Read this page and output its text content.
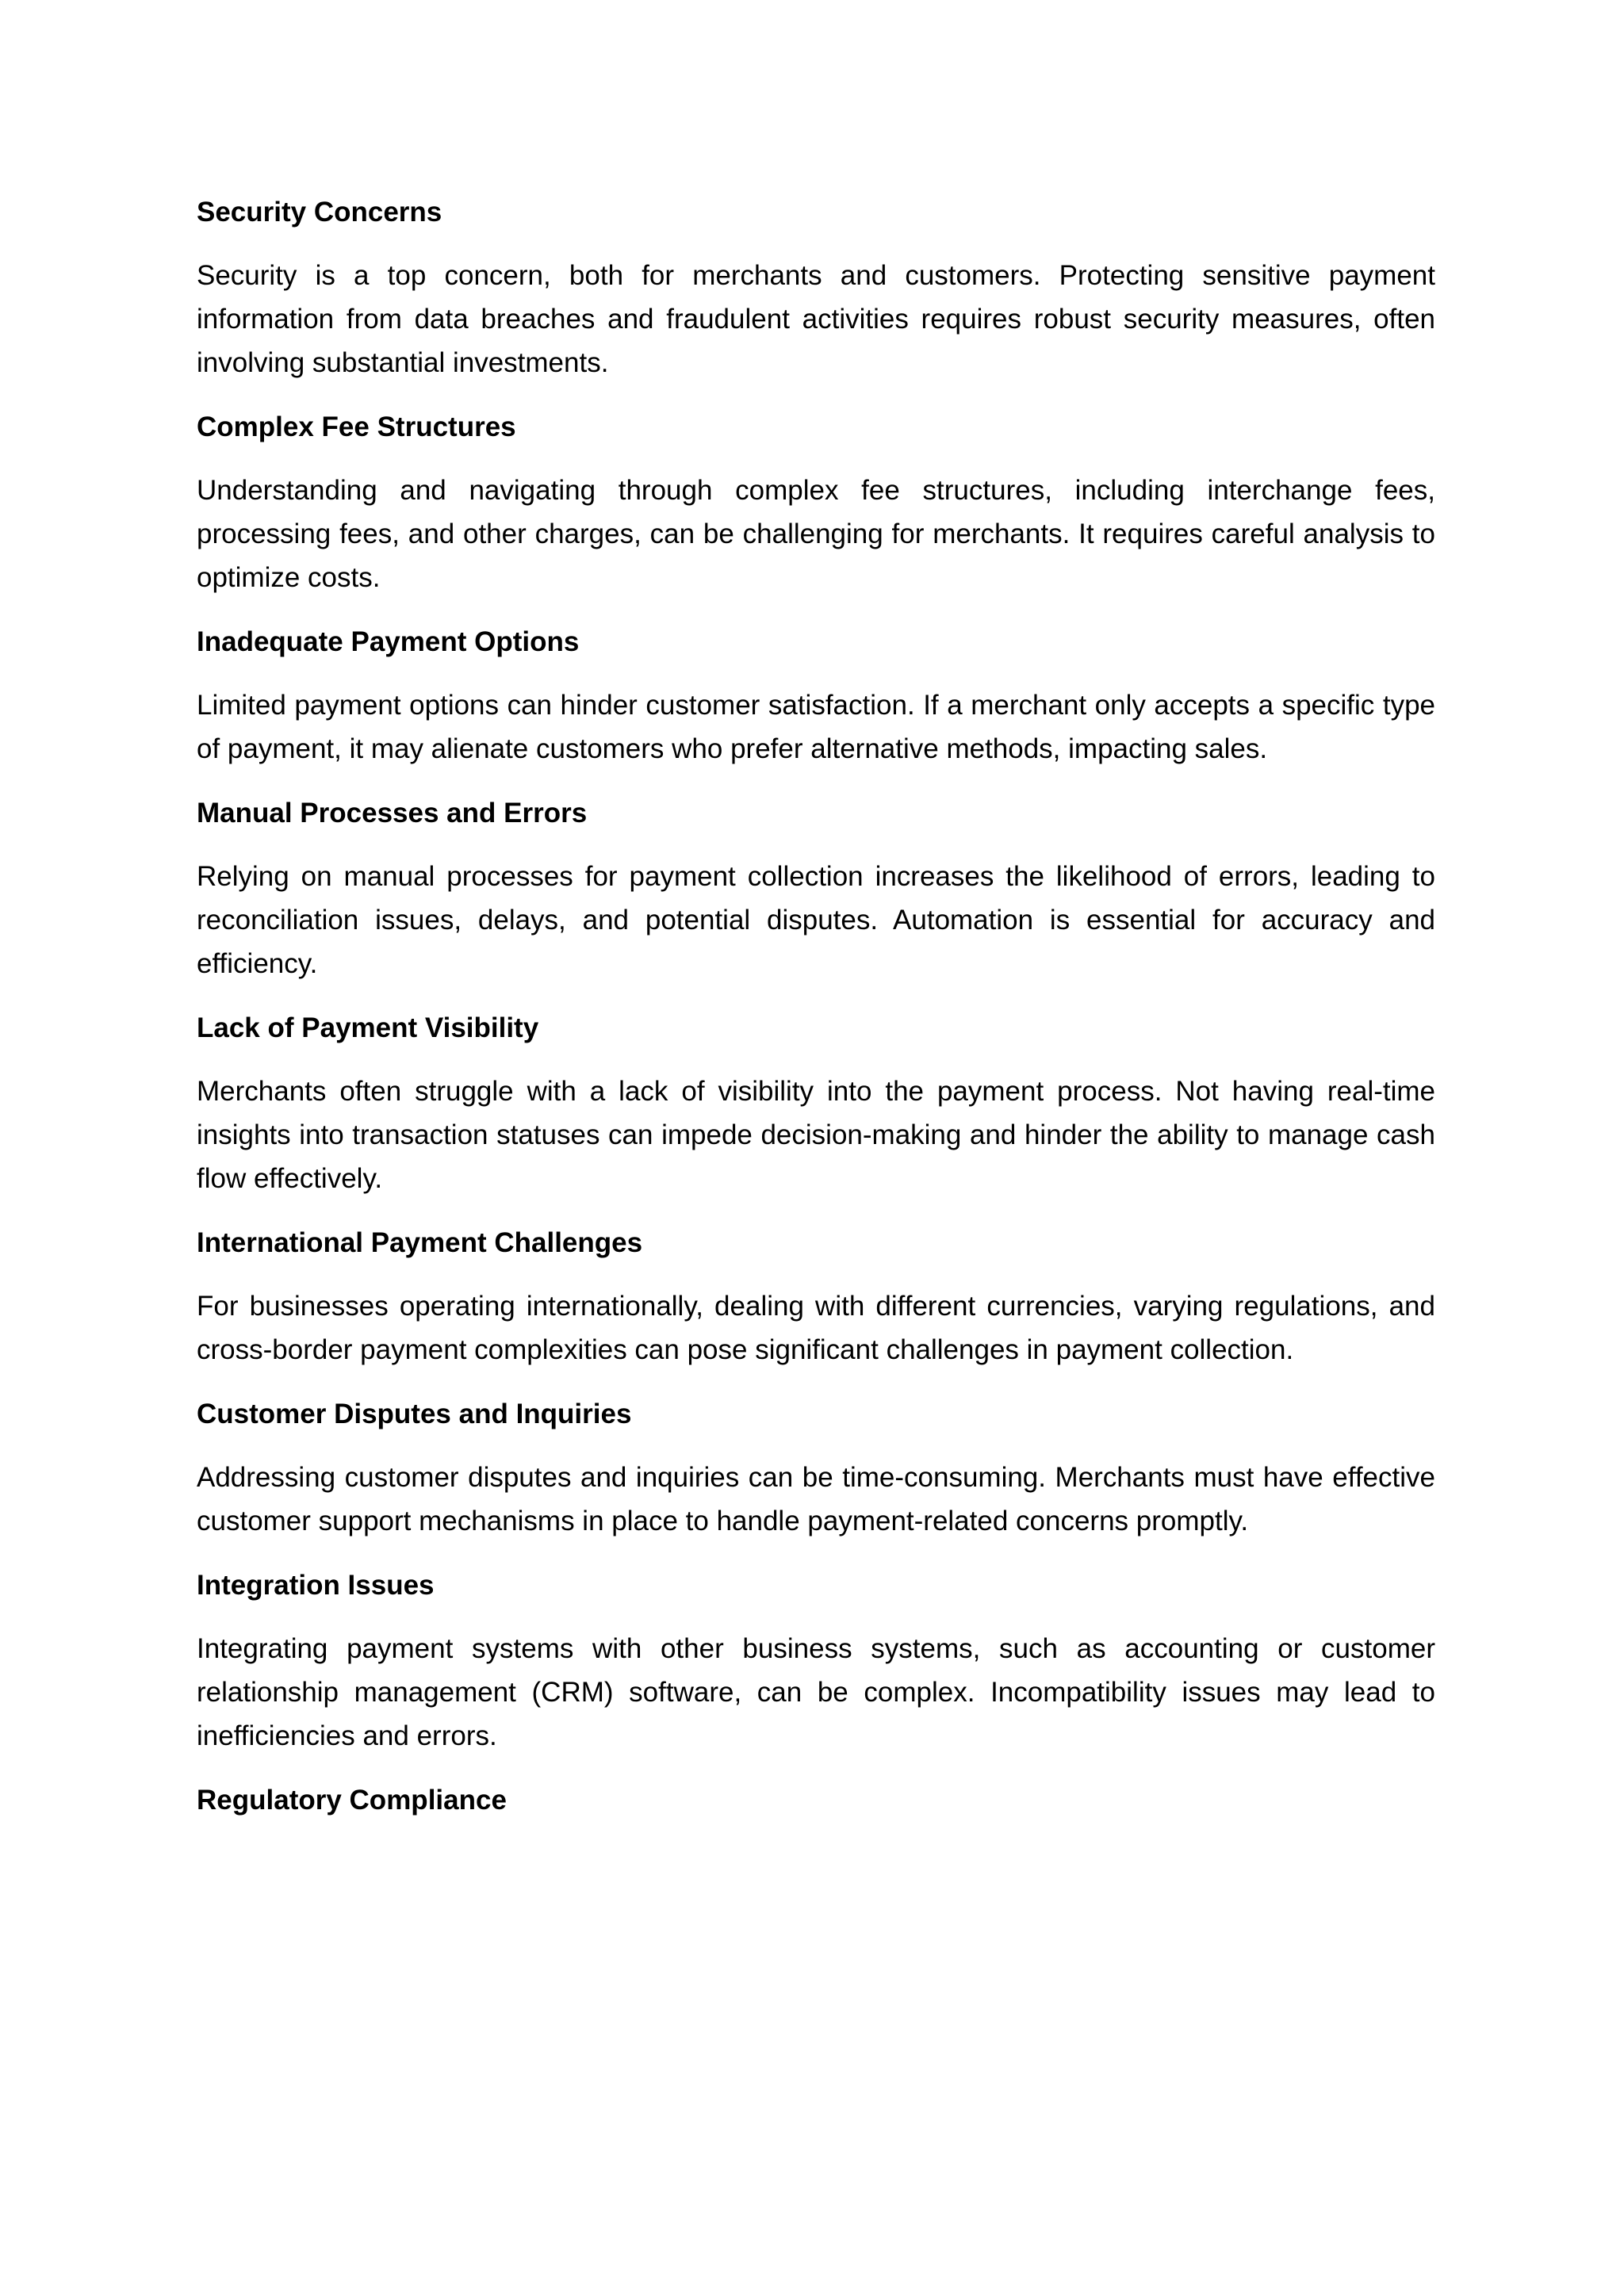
Security Concerns

Security is a top concern, both for merchants and customers. Protecting sensitive payment information from data breaches and fraudulent activities requires robust security measures, often involving substantial investments.

Complex Fee Structures

Understanding and navigating through complex fee structures, including interchange fees, processing fees, and other charges, can be challenging for merchants. It requires careful analysis to optimize costs.

Inadequate Payment Options

Limited payment options can hinder customer satisfaction. If a merchant only accepts a specific type of payment, it may alienate customers who prefer alternative methods, impacting sales.

Manual Processes and Errors

Relying on manual processes for payment collection increases the likelihood of errors, leading to reconciliation issues, delays, and potential disputes. Automation is essential for accuracy and efficiency.

Lack of Payment Visibility

Merchants often struggle with a lack of visibility into the payment process. Not having real-time insights into transaction statuses can impede decision-making and hinder the ability to manage cash flow effectively.

International Payment Challenges

For businesses operating internationally, dealing with different currencies, varying regulations, and cross-border payment complexities can pose significant challenges in payment collection.

Customer Disputes and Inquiries

Addressing customer disputes and inquiries can be time-consuming. Merchants must have effective customer support mechanisms in place to handle payment-related concerns promptly.

Integration Issues

Integrating payment systems with other business systems, such as accounting or customer relationship management (CRM) software, can be complex. Incompatibility issues may lead to inefficiencies and errors.

Regulatory Compliance
